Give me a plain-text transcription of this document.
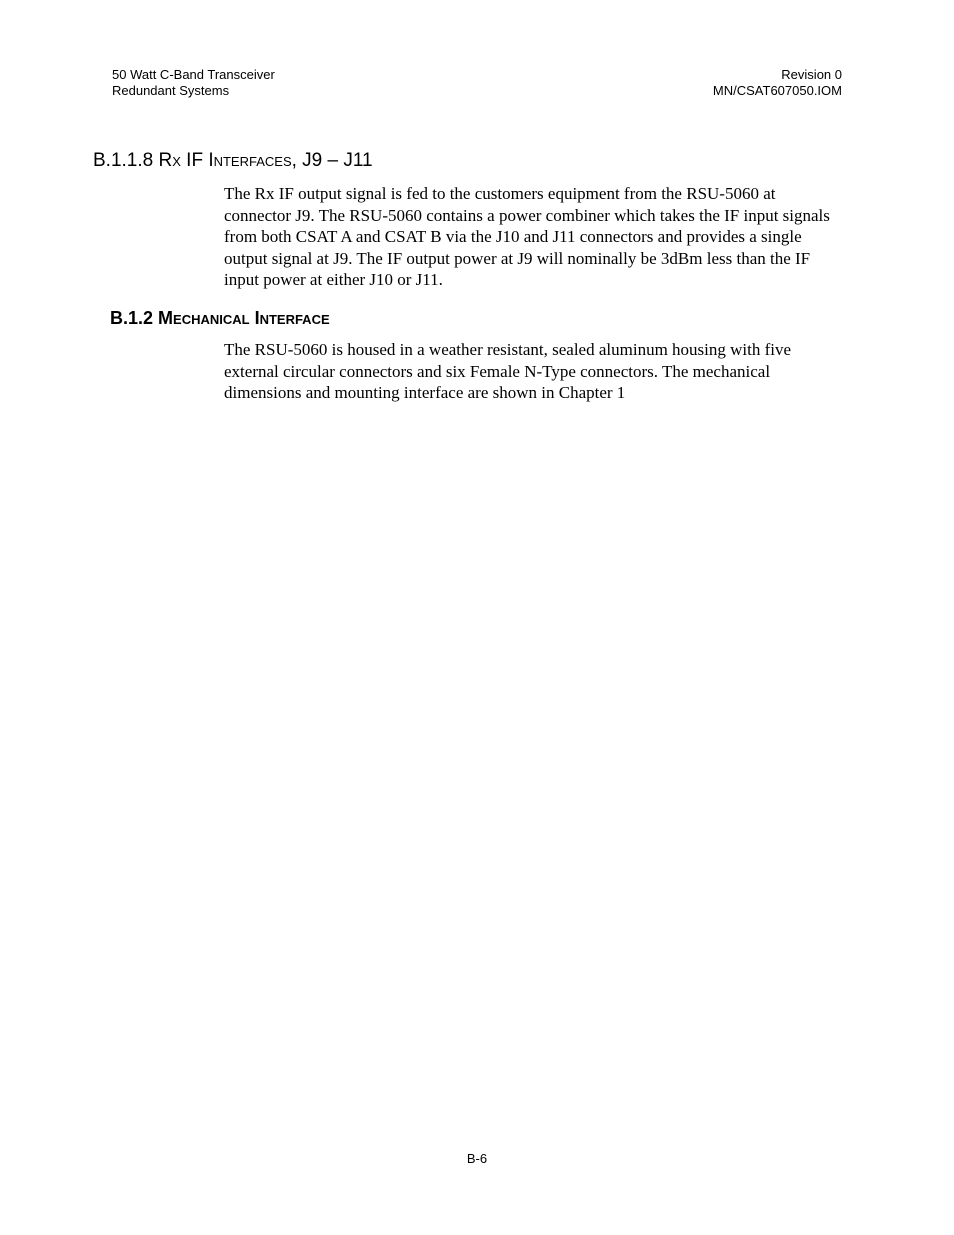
50 Watt C-Band Transceiver
Redundant Systems
Revision 0
MN/CSAT607050.IOM
B.1.1.8 Rx IF Interfaces, J9 – J11

The Rx IF output signal is fed to the customers equipment from the RSU-5060 at connector J9. The RSU-5060 contains a power combiner which takes the IF input signals from both CSAT A and CSAT B via the J10 and J11 connectors and provides a single output signal at J9. The IF output power at J9 will nominally be 3dBm less than the IF input power at either J10 or J11.

B.1.2 Mechanical Interface

The RSU-5060 is housed in a weather resistant, sealed aluminum housing with five external circular connectors and six Female N-Type connectors. The mechanical dimensions and mounting interface are shown in Chapter 1

B-6
